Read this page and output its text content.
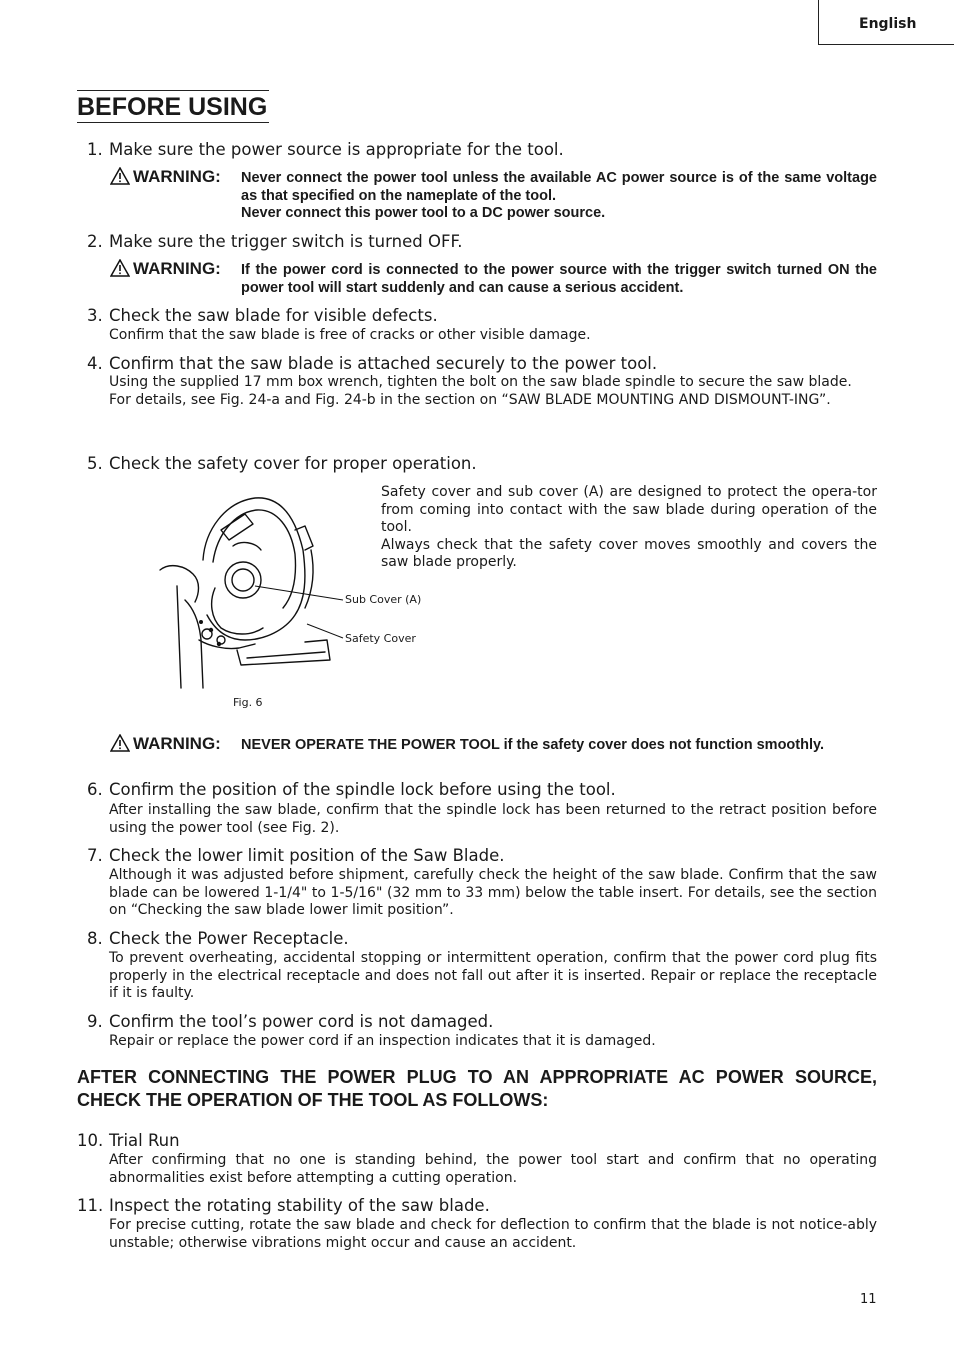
English
BEFORE USING
1. Make sure the power source is appropriate for the tool.
WARNING: Never connect the power tool unless the available AC power source is of the same voltage as that specified on the nameplate of the tool.
Never connect this power tool to a DC power source.
2. Make sure the trigger switch is turned OFF.
WARNING: If the power cord is connected to the power source with the trigger switch turned ON the power tool will start suddenly and can cause a serious accident.
3. Check the saw blade for visible defects.
Confirm that the saw blade is free of cracks or other visible damage.
4. Confirm that the saw blade is attached securely to the power tool.
Using the supplied 17 mm box wrench, tighten the bolt on the saw blade spindle to secure the saw blade.
For details, see Fig. 24-a and Fig. 24-b in the section on “SAW BLADE MOUNTING AND DISMOUNT-ING”.
5. Check the safety cover for proper operation.
Safety cover and sub cover (A) are designed to protect the opera-tor from coming into contact with the saw blade during operation of the tool.
Always check that the safety cover moves smoothly and covers the saw blade properly.
Sub Cover (A)
Safety Cover
Fig. 6
WARNING: NEVER OPERATE THE POWER TOOL if the safety cover does not function smoothly.
6. Confirm the position of the spindle lock before using the tool.
After installing the saw blade, confirm that the spindle lock has been returned to the retract position before using the power tool (see Fig. 2).
7. Check the lower limit position of the Saw Blade.
Although it was adjusted before shipment, carefully check the height of the saw blade. Confirm that the saw blade can be lowered 1-1/4" to 1-5/16" (32 mm to 33 mm) below the table insert. For details, see the section on “Checking the saw blade lower limit position”.
8. Check the Power Receptacle.
To prevent overheating, accidental stopping or intermittent operation, confirm that the power cord plug fits properly in the electrical receptacle and does not fall out after it is inserted. Repair or replace the receptacle if it is faulty.
9. Confirm the tool’s power cord is not damaged.
Repair or replace the power cord if an inspection indicates that it is damaged.
AFTER CONNECTING THE POWER PLUG TO AN APPROPRIATE AC POWER SOURCE, CHECK THE OPERATION OF THE TOOL AS FOLLOWS:
10. Trial Run
After confirming that no one is standing behind, the power tool start and confirm that no operating abnormalities exist before attempting a cutting operation.
11. Inspect the rotating stability of the saw blade.
For precise cutting, rotate the saw blade and check for deflection to confirm that the blade is not notice-ably unstable; otherwise vibrations might occur and cause an accident.
11
